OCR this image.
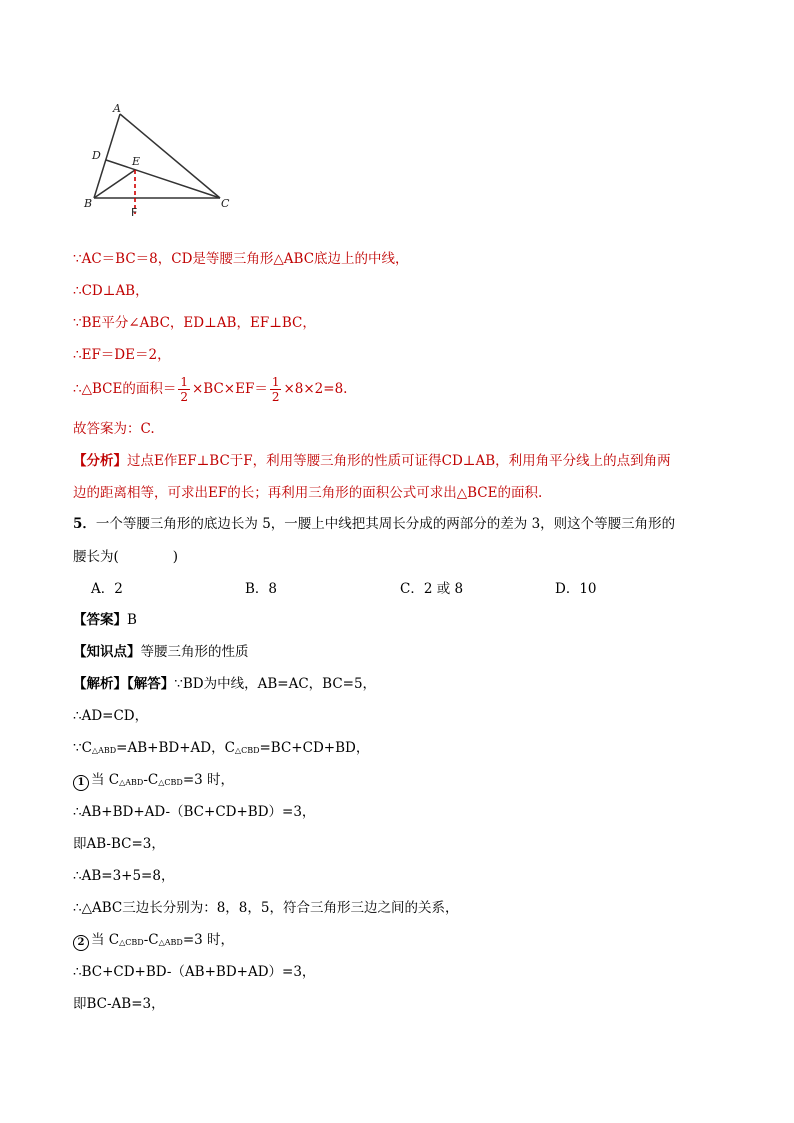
A
D	E
B	C
F
∵AC＝BC＝8，CD是等腰三角形△ABC底边上的中线，
∴CD⊥AB，
∵BE平分∠ABC，ED⊥AB，EF⊥BC，
∴EF＝DE＝2，
∴△BCE的面积＝ $\frac{1}{2} \times BC\times EF= \frac{1}{2} \times 8\times 2=8$.
故答案为：C.
【分析】过点E作EF⊥BC于F，利用等腰三角形的性质可证得CD⊥AB，利用角平分线上的点到角两
边的距离相等，可求出EF的长；再利用三角形的面积公式可求出△BCE的面积.
5．一个等腰三角形的底边长为 5，一腰上中线把其周长分成的两部分的差为 3，则这个等腰三角形的
腰长为(　　　　)
A．2	B．8	C．2 或 8	D．10
【答案】B
【知识点】等腰三角形的性质
【解析】【解答】∵BD为中线，AB=AC，BC=5，
∴AD=CD，
∵C△ABD=AB+BD+AD，C△CBD=BC+CD+BD，
1 当 C△ABD-C△CBD=3 时，
∴AB+BD+AD-（BC+CD+BD）=3，
即AB-BC=3，
∴AB=3+5=8，
∴△ABC三边长分别为：8，8，5，符合三角形三边之间的关系，
2 当 C△CBD-C△ABD=3 时，
∴BC+CD+BD-（AB+BD+AD）=3，
即BC-AB=3，
